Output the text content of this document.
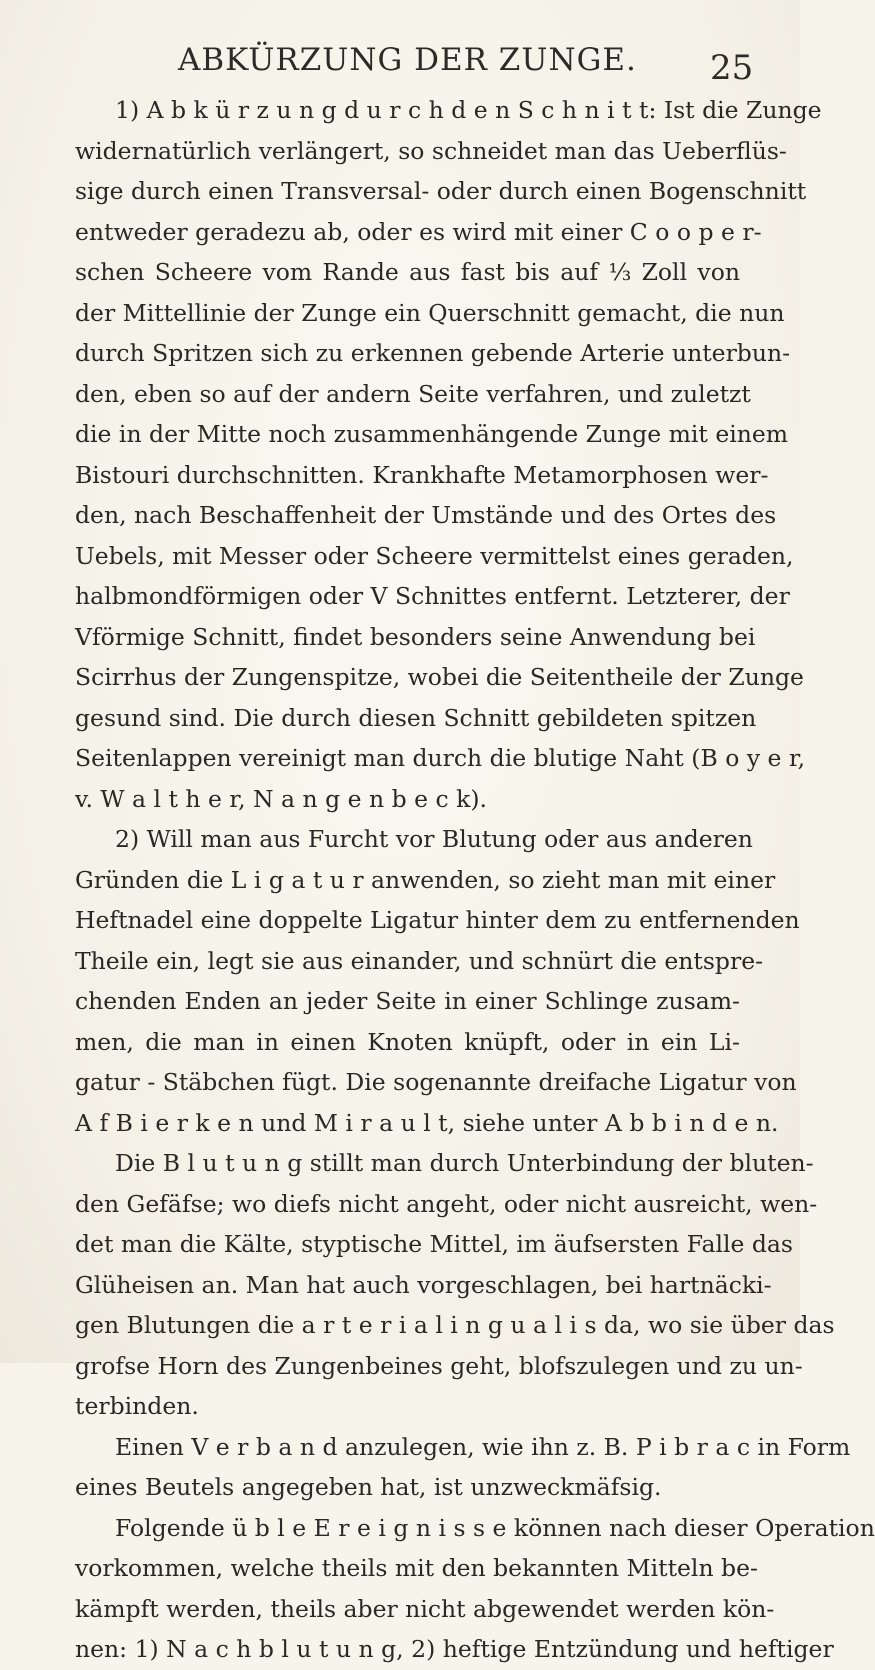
ABKÜRZUNG DER ZUNGE. 25
1) A b k ü r z u n g d u r c h d e n S c h n i t t: Ist die Zunge
widernatürlich verlängert, so schneidet man das Ueberflüs-
sige durch einen Transversal- oder durch einen Bogenschnitt
entweder geradezu ab, oder es wird mit einer C o o p e r-
schen Scheere vom Rande aus fast bis auf ⅓ Zoll von
der Mittellinie der Zunge ein Querschnitt gemacht, die nun
durch Spritzen sich zu erkennen gebende Arterie unterbun-
den, eben so auf der andern Seite verfahren, und zuletzt
die in der Mitte noch zusammenhängende Zunge mit einem
Bistouri durchschnitten. Krankhafte Metamorphosen wer-
den, nach Beschaffenheit der Umstände und des Ortes des
Uebels, mit Messer oder Scheere vermittelst eines geraden,
halbmondförmigen oder V Schnittes entfernt. Letzterer, der
Vförmige Schnitt, findet besonders seine Anwendung bei
Scirrhus der Zungenspitze, wobei die Seitentheile der Zunge
gesund sind. Die durch diesen Schnitt gebildeten spitzen
Seitenlappen vereinigt man durch die blutige Naht (B o y e r,
v. W a l t h e r, N a n g e n b e c k).
2) Will man aus Furcht vor Blutung oder aus anderen
Gründen die L i g a t u r anwenden, so zieht man mit einer
Heftnadel eine doppelte Ligatur hinter dem zu entfernenden
Theile ein, legt sie aus einander, und schnürt die entspre-
chenden Enden an jeder Seite in einer Schlinge zusam-
men, die man in einen Knoten knüpft, oder in ein Li-
gatur - Stäbchen fügt. Die sogenannte dreifache Ligatur von
A f B i e r k e n und M i r a u l t, siehe unter A b b i n d e n.
Die B l u t u n g stillt man durch Unterbindung der bluten-
den Gefäfse; wo diefs nicht angeht, oder nicht ausreicht, wen-
det man die Kälte, styptische Mittel, im äufsersten Falle das
Glüheisen an. Man hat auch vorgeschlagen, bei hartnäcki-
gen Blutungen die a r t e r i a l i n g u a l i s da, wo sie über das
grofse Horn des Zungenbeines geht, blofszulegen und zu un-
terbinden.
Einen V e r b a n d anzulegen, wie ihn z. B. P i b r a c in Form
eines Beutels angegeben hat, ist unzweckmäfsig.
Folgende ü b l e E r e i g n i s s e können nach dieser Operation
vorkommen, welche theils mit den bekannten Mitteln be-
kämpft werden, theils aber nicht abgewendet werden kön-
nen: 1) N a c h b l u t u n g, 2) heftige Entzündung und heftiger
